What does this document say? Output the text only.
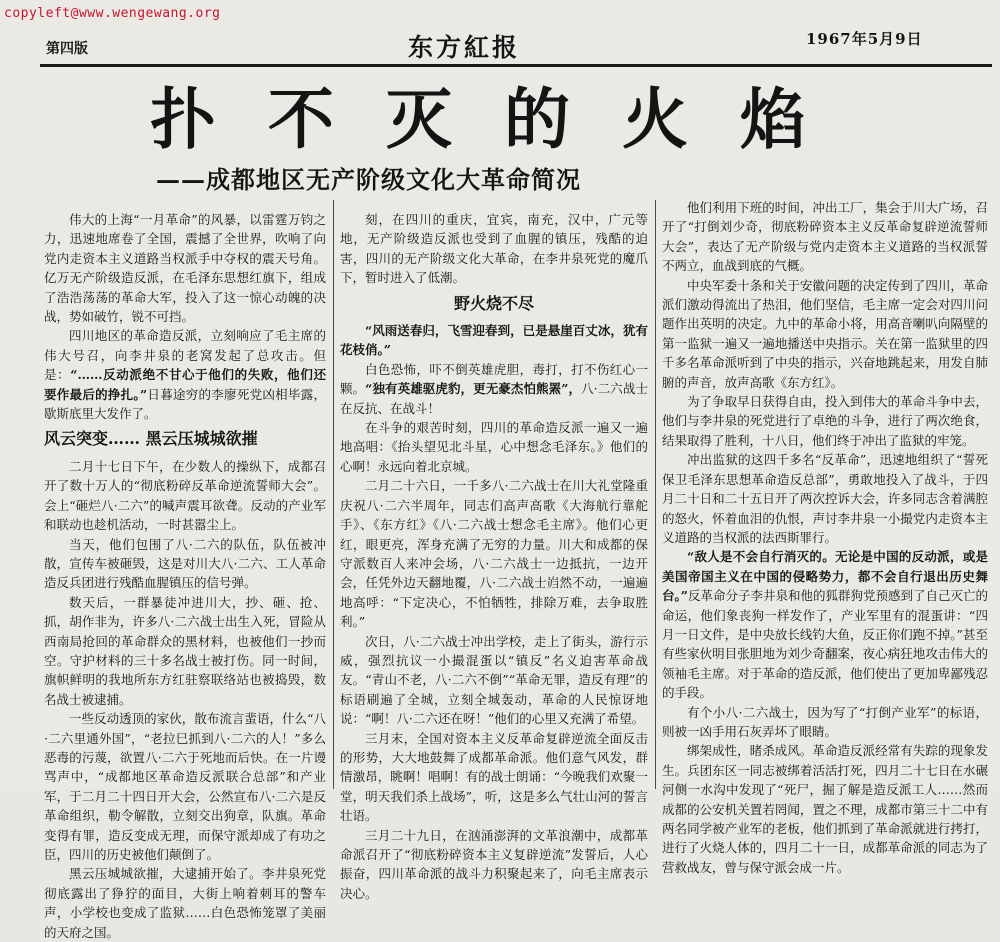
copyleft@www.wengewang.org
第四版	东方紅报	1967年5月9日
扑不灭的火焰
——成都地区无产阶级文化大革命简况

伟大的上海“一月革命”的风暴，以雷霆万钧之力，迅速地席卷了全国，震撼了全世界，吹响了向党内走资本主义道路当权派手中夺权的震天号角。亿万无产阶级造反派，在毛泽东思想红旗下，组成了浩浩荡荡的革命大军，投入了这一惊心动魄的决战，势如破竹，锐不可挡。

四川地区的革命造反派，立刻响应了毛主席的伟大号召，向李井泉的老窝发起了总攻击。但是：“……反动派绝不甘心于他们的失败，他们还要作最后的挣扎。”日暮途穷的李廖死党凶相毕露，歇斯底里大发作了。

风云突变…… 黑云压城城欲摧

二月十七日下午，在少数人的操纵下，成都召开了数十万人的“彻底粉碎反革命逆流誓师大会”。会上“砸烂八·二六”的喊声震耳欲聋。反动的产业军和联动也趁机活动，一时甚嚣尘上。

当天，他们包围了八·二六的队伍，队伍被冲散，宣传车被砸毁，这是对川大八·二六、工人革命造反兵团进行残酷血腥镇压的信号弹。

数天后，一群暴徒冲进川大，抄、砸、抢、抓，胡作非为，许多八·二六战士出生入死，冒险从西南局抢回的革命群众的黑材料，也被他们一抄而空。守护材料的三十多名战士被打伤。同一时间，旗帜鲜明的我地所东方红驻察联络站也被捣毁，数名战士被逮捕。

一些反动透顶的家伙，散布流言蜚语，什么“八·二六里通外国”，“老拉巳抓到八·二六的人！”多么恶毒的污蔑，欲置八·二六于死地而后快。在一片谩骂声中，“成都地区革命造反派联合总部”和产业军，于二月二十四日开大会，公然宣布八·二六是反革命组织，勒令解散，立刻交出狗章，队旗。革命变得有罪，造反变成无理，而保守派却成了有功之臣，四川的历史被他们颠倒了。

黑云压城城欲摧，大逮捕开始了。李井泉死党彻底露出了狰狞的面目，大街上响着刺耳的警车声，小学校也变成了监狱……白色恐怖笼罩了美丽的天府之国。

刻，在四川的重庆，宜宾，南充，汉中，广元等地，无产阶级造反派也受到了血腥的镇压，残酷的迫害，四川的无产阶级文化大革命，在李井泉死党的魔爪下，暂时进入了低潮。

野火烧不尽

“风雨送春归，飞雪迎春到，已是悬崖百丈冰，犹有花枝俏。”

白色恐怖，吓不倒英雄虎胆，毒打，打不伤红心一颗。“独有英雄驱虎豹，更无豪杰怕熊罴”，八·二六战士在反抗、在战斗！

在斗争的艰苦时刻，四川的革命造反派一遍又一遍地高唱：《抬头望见北斗星，心中想念毛泽东。》他们的心啊！永远向着北京城。

二月二十六日，一千多八·二六战士在川大礼堂隆重庆祝八·二六半周年，同志们高声高歌《大海航行靠舵手》、《东方红》《八·二六战士想念毛主席》。他们心更红，眼更亮，浑身充满了无穷的力量。川大和成都的保守派数百人来冲会场，八·二六战士一边抵抗，一边开会，任凭外边天翻地覆，八·二六战士岿然不动，一遍遍地高呼：“下定决心，不怕牺牲，排除万难，去争取胜利。”

次日，八·二六战士冲出学校，走上了街头，游行示威，强烈抗议一小撮混蛋以“镇反”名义迫害革命战友。“青山不老，八·二六不倒”“革命无罪，造反有理”的标语刷遍了全城，立刻全城轰动，革命的人民惊讶地说：“啊！八·二六还在呀！”他们的心里又充满了希望。

三月末，全国对资本主义反革命复辟逆流全面反击的形势，大大地鼓舞了成都革命派。他们意气风发，群情激昂，眺啊！唱啊！有的战士朗诵：“今晚我们欢聚一堂，明天我们杀上战场”，听，这是多么气壮山河的誓言壮语。

三月二十九日，在汹涌澎湃的文革浪潮中，成都革命派召开了“彻底粉碎资本主义复辟逆流”发誓后，人心振奋，四川革命派的战斗力积聚起来了，向毛主席表示决心。

他们利用下班的时间，冲出工厂，集会于川大广场，召开了“打倒刘少奇，彻底粉碎资本主义反革命复辟逆流誓师大会”，表达了无产阶级与党内走资本主义道路的当权派誓不两立，血战到底的气概。

中央军委十条和关于安徽问题的决定传到了四川，革命派们激动得流出了热泪，他们坚信，毛主席一定会对四川问题作出英明的决定。九中的革命小将，用高音喇叭向隔壁的第一监狱一遍又一遍地播送中央指示。关在第一监狱里的四千多名革命派听到了中央的指示，兴奋地跳起来，用发自肺腑的声音，放声高歌《东方红》。

为了争取早日获得自由，投入到伟大的革命斗争中去，他们与李井泉的死党进行了卓绝的斗争，进行了两次绝食，结果取得了胜利，十八日，他们终于冲出了监狱的牢笼。

冲出监狱的这四千多名“反革命”，迅速地组织了“誓死保卫毛泽东思想革命造反总部”，勇敢地投入了战斗，于四月二十日和二十五日开了两次控诉大会，许多同志含着满腔的怒火，怀着血泪的仇恨，声讨李井泉一小撮党内走资本主义道路的当权派的法西斯罪行。

“敌人是不会自行消灭的。无论是中国的反动派，或是美国帝国主义在中国的侵略势力，都不会自行退出历史舞台。”反革命分子李井泉和他的狐群狗党预感到了自己灭亡的命运，他们象丧狗一样发作了，产业军里有的混蛋讲：“四月一日文件，是中央放长线钓大鱼，反正你们跑不掉。”甚至有些家伙明目张胆地为刘少奇翻案，夜心病狂地攻击伟大的领袖毛主席。对于革命的造反派，他们使出了更加卑鄙残忍的手段。

有个小八·二六战士，因为写了“打倒产业军”的标语，则被一凶手用石灰弄坏了眼睛。

绑架成性，睹杀成风。革命造反派经常有失踪的现象发生。兵团东区一同志被绑着活活打死，四月二十七日在水碾河侧一水沟中发现了“死尸，掘了解是造反派工人……然而成都的公安机关置若罔闻，置之不理，成都市第三十二中有两名同学被产业军的老板，他们抓到了革命派就进行拷打，进行了火烧人体的，四月二十一日，成都革命派的同志为了营救战友，曾与保守派会成一片。
